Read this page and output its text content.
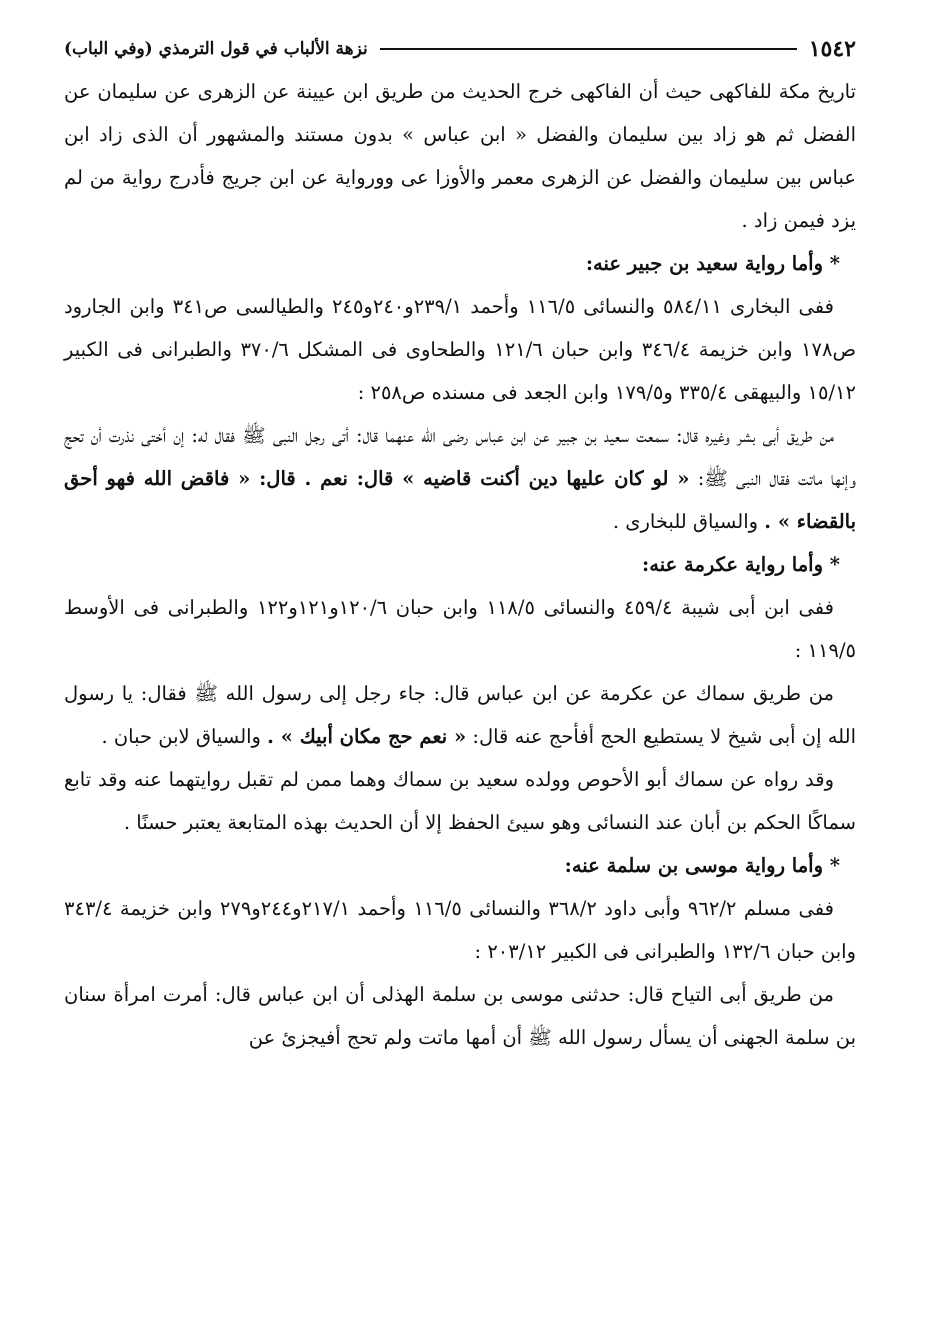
١٥٤٢
نزهة الألباب في قول الترمذي (وفي الباب)

تاريخ مكة للفاكهى حيث أن الفاكهى خرج الحديث من طريق ابن عيينة عن الزهرى عن سليمان عن الفضل ثم هو زاد بين سليمان والفضل « ابن عباس » بدون مستند والمشهور أن الذى زاد ابن عباس بين سليمان والفضل عن الزهرى معمر والأوزا عى وورواية عن ابن جريج فأدرج رواية من لم يزد فيمن زاد .

* وأما رواية سعيد بن جبير عنه:

ففى البخارى ٥٨٤/١١ والنسائى ١١٦/٥ وأحمد ٢٣٩/١و٢٤٠و٢٤٥ والطيالسى ص٣٤١ وابن الجارود ص١٧٨ وابن خزيمة ٣٤٦/٤ وابن حبان ١٢١/٦ والطحاوى فى المشكل ٣٧٠/٦ والطبرانى فى الكبير ١٥/١٢ والبيهقى ٣٣٥/٤ و١٧٩/٥ وابن الجعد فى مسنده ص٢٥٨ :

من طريق أبى بشر وغيره قال: سمعت سعيد بن جبير عن ابن عباس رضى الله عنهما قال: أتى رجل النبى ﷺ فقال له: إن أختى نذرت أن تحج وإنها ماتت فقال النبى ﷺ: « لو كان عليها دين أكنت قاضيه » قال: نعم . قال: « فاقض الله فهو أحق بالقضاء » . والسياق للبخارى .

* وأما رواية عكرمة عنه:

ففى ابن أبى شيبة ٤٥٩/٤ والنسائى ١١٨/٥ وابن حبان ١٢٠/٦و١٢١و١٢٢ والطبرانى فى الأوسط ١١٩/٥ :

من طريق سماك عن عكرمة عن ابن عباس قال: جاء رجل إلى رسول الله ﷺ فقال: يا رسول الله إن أبى شيخ لا يستطيع الحج أفأحج عنه قال: « نعم حج مكان أبيك » . والسياق لابن حبان .

وقد رواه عن سماك أبو الأحوص وولده سعيد بن سماك وهما ممن لم تقبل روايتهما عنه وقد تابع سماكًا الحكم بن أبان عند النسائى وهو سيئ الحفظ إلا أن الحديث بهذه المتابعة يعتبر حسنًا .

* وأما رواية موسى بن سلمة عنه:

ففى مسلم ٩٦٢/٢ وأبى داود ٣٦٨/٢ والنسائى ١١٦/٥ وأحمد ٢١٧/١و٢٤٤و٢٧٩ وابن خزيمة ٣٤٣/٤ وابن حبان ١٣٢/٦ والطبرانى فى الكبير ٢٠٣/١٢ :

من طريق أبى التياح قال: حدثنى موسى بن سلمة الهذلى أن ابن عباس قال: أمرت امرأة سنان بن سلمة الجهنى أن يسأل رسول الله ﷺ أن أمها ماتت ولم تحج أفيجزئ عن
